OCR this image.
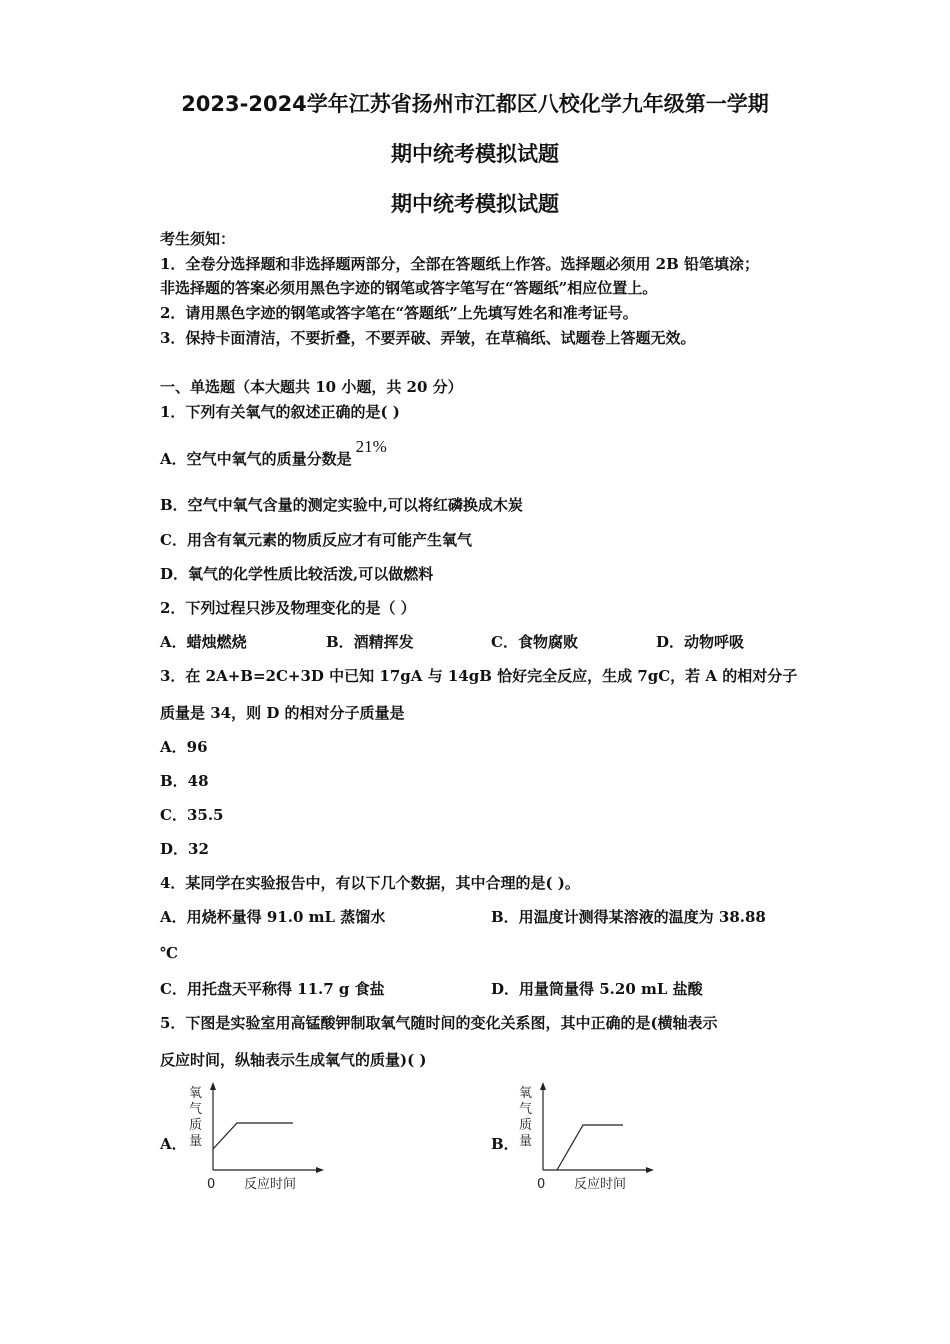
2023-2024学年江苏省扬州市江都区八校化学九年级第一学期
期中统考模拟试题
期中统考模拟试题
考生须知：
1．全卷分选择题和非选择题两部分，全部在答题纸上作答。选择题必须用 2B 铅笔填涂；
非选择题的答案必须用黑色字迹的钢笔或答字笔写在“答题纸”相应位置上。
2．请用黑色字迹的钢笔或答字笔在“答题纸”上先填写姓名和准考证号。
3．保持卡面清洁，不要折叠，不要弄破、弄皱，在草稿纸、试题卷上答题无效。
一、单选题（本大题共 10 小题，共 20 分）
1．下列有关氧气的叙述正确的是( )
A．空气中氧气的质量分数是21%
B．空气中氧气含量的测定实验中,可以将红磷换成木炭
C．用含有氧元素的物质反应才有可能产生氧气
D．氧气的化学性质比较活泼,可以做燃料
2．下列过程只涉及物理变化的是（ ）
A．蜡烛燃烧	B．酒精挥发	C．食物腐败	D．动物呼吸
3．在 2A+B=2C+3D 中已知 17gA 与 14gB 恰好完全反应，生成 7gC，若 A 的相对分子
质量是 34，则 D 的相对分子质量是
A．96
B．48
C．35.5
D．32
4．某同学在实验报告中，有以下几个数据，其中合理的是( )。
A．用烧杯量得 91.0 mL 蒸馏水	B．用温度计测得某溶液的温度为 38.88
℃
C．用托盘天平称得 11.7 g 食盐	D．用量筒量得 5.20 mL 盐酸
5．下图是实验室用高锰酸钾制取氧气随时间的变化关系图，其中正确的是(横轴表示
反应时间，纵轴表示生成氧气的质量)( )
A．	B．
氧
气
质
量
0 反应时间
氧
气
质
量
0 反应时间
